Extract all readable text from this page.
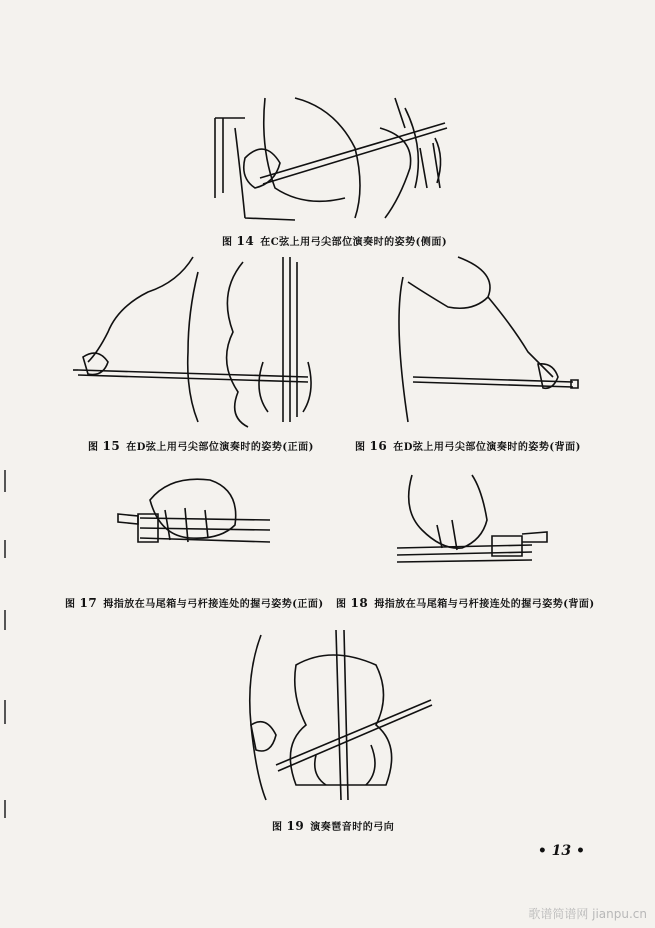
图 14 在C弦上用弓尖部位演奏时的姿势(侧面)
图 15 在D弦上用弓尖部位演奏时的姿势(正面)	图 16 在D弦上用弓尖部位演奏时的姿势(背面)
图 17 拇指放在马尾箱与弓杆接连处的握弓姿势(正面) 图 18 拇指放在马尾箱与弓杆接连处的握弓姿势(背面)
图 19 演奏琶音时的弓向
• 13 •
歌谱简谱网 jianpu.cn
